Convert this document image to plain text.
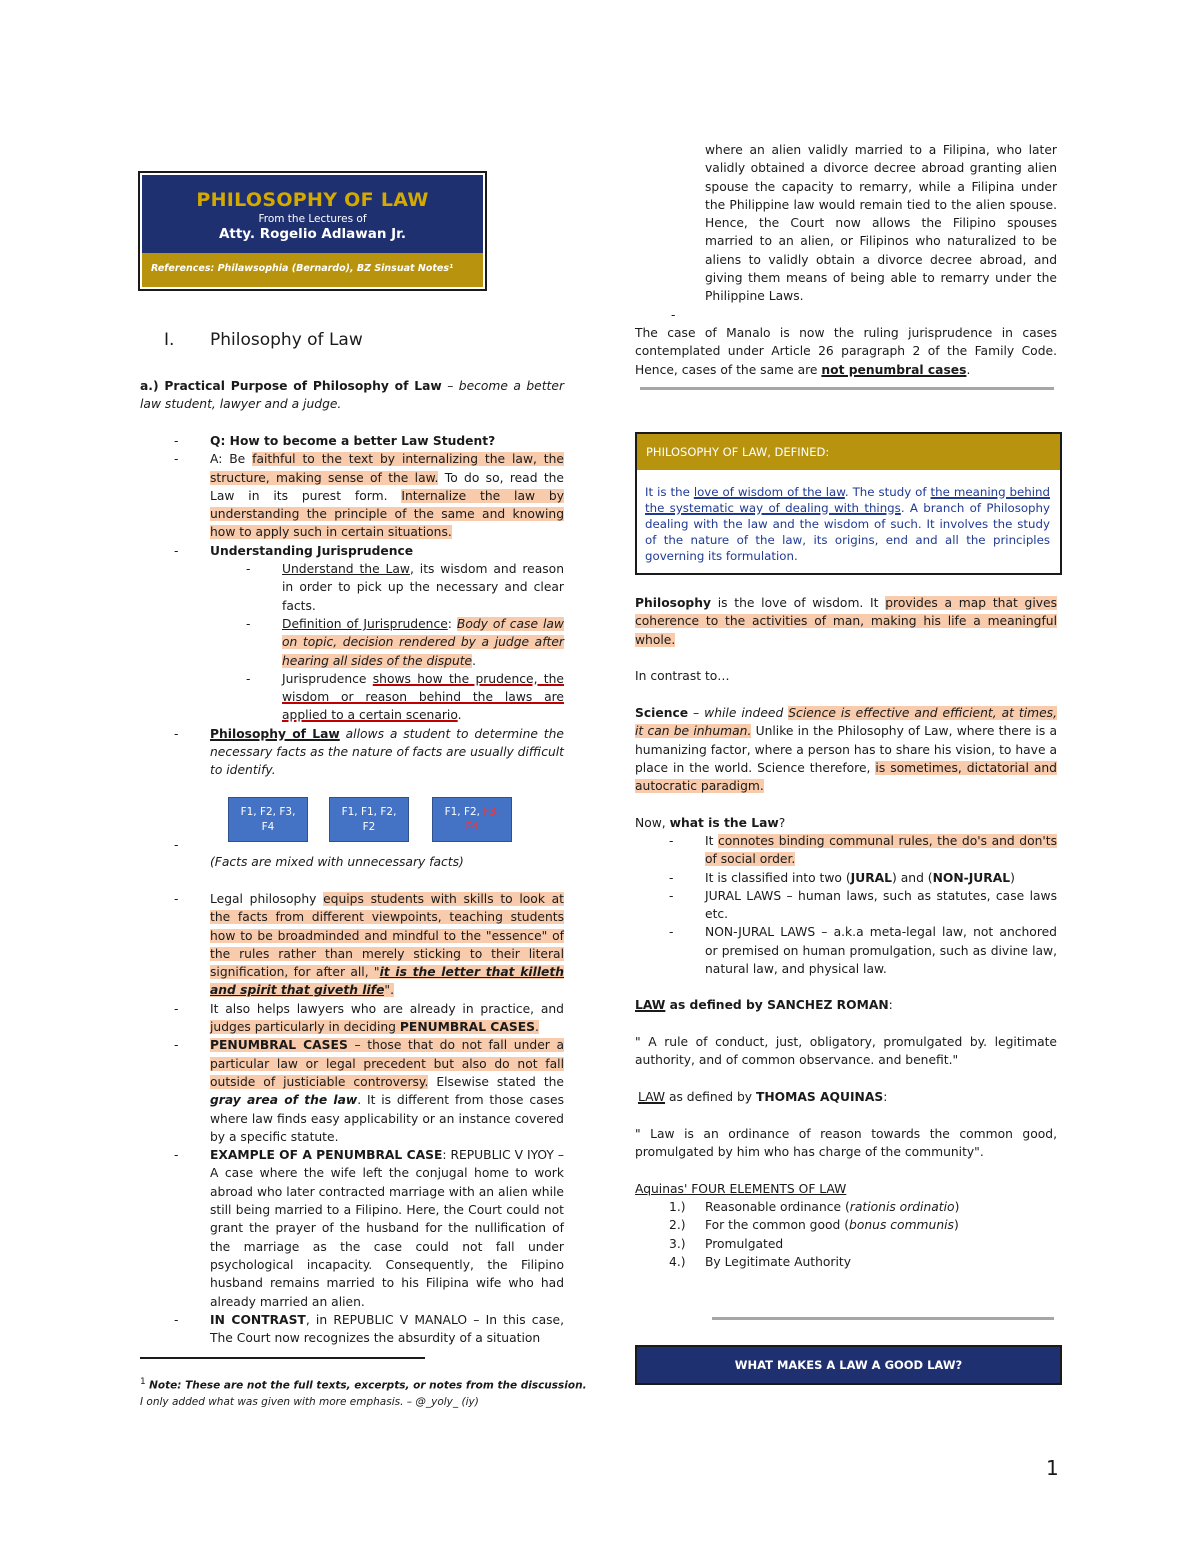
PHILOSOPHY OF LAW
From the Lectures of
Atty. Rogelio Adlawan Jr.
References: Philawsophia (Bernardo), BZ Sinsuat Notes¹
I. Philosophy of Law
a.) Practical Purpose of Philosophy of Law – become a better law student, lawyer and a judge.
-	Q: How to become a better Law Student?
-	A: Be faithful to the text by internalizing the law, the structure, making sense of the law. To do so, read the Law in its purest form. Internalize the law by understanding the principle of the same and knowing how to apply such in certain situations.
-	Understanding Jurisprudence
-	Understand the Law, its wisdom and reason in order to pick up the necessary and clear facts.
-	Definition of Jurisprudence: Body of case law on topic, decision rendered by a judge after hearing all sides of the dispute.
-	Jurisprudence shows how the prudence, the wisdom or reason behind the laws are applied to a certain scenario.
-	Philosophy of Law allows a student to determine the necessary facts as the nature of facts are usually difficult to identify.
F1, F2, F3,
F4
F1, F1, F2,
F2
F1, F2, F3,
F4
-
(Facts are mixed with unnecessary facts)
-	Legal philosophy equips students with skills to look at the facts from different viewpoints, teaching students how to be broadminded and mindful to the "essence" of the rules rather than merely sticking to their literal signification, for after all, "it is the letter that killeth and spirit that giveth life".
-	It also helps lawyers who are already in practice, and judges particularly in deciding PENUMBRAL CASES.
-	PENUMBRAL CASES – those that do not fall under a particular law or legal precedent but also do not fall outside of justiciable controversy. Elsewise stated the gray area of the law. It is different from those cases where law finds easy applicability or an instance covered by a specific statute.
-	EXAMPLE OF A PENUMBRAL CASE: REPUBLIC V IYOY – A case where the wife left the conjugal home to work abroad who later contracted marriage with an alien while still being married to a Filipino. Here, the Court could not grant the prayer of the husband for the nullification of the marriage as the case could not fall under psychological incapacity. Consequently, the Filipino husband remains married to his Filipina wife who had already married an alien.
-	IN CONTRAST, in REPUBLIC V MANALO – In this case, The Court now recognizes the absurdity of a situation
$^1$ Note: These are not the full texts, excerpts, or notes from the discussion.
I only added what was given with more emphasis. – @_yoly_ (iy)
where an alien validly married to a Filipina, who later validly obtained a divorce decree abroad granting alien spouse the capacity to remarry, while a Filipina under the Philippine law would remain tied to the alien spouse. Hence, the Court now allows the Filipino spouses married to an alien, or Filipinos who naturalized to be aliens to validly obtain a divorce decree abroad, and giving them means of being able to remarry under the Philippine Laws.
-
The case of Manalo is now the ruling jurisprudence in cases contemplated under Article 26 paragraph 2 of the Family Code. Hence, cases of the same are not penumbral cases.
PHILOSOPHY OF LAW, DEFINED:
It is the love of wisdom of the law. The study of the meaning behind the systematic way of dealing with things. A branch of Philosophy dealing with the law and the wisdom of such. It involves the study of the nature of the law, its origins, end and all the principles governing its formulation.
Philosophy is the love of wisdom. It provides a map that gives coherence to the activities of man, making his life a meaningful whole.
In contrast to…
Science – while indeed Science is effective and efficient, at times, it can be inhuman. Unlike in the Philosophy of Law, where there is a humanizing factor, where a person has to share his vision, to have a place in the world. Science therefore, is sometimes, dictatorial and autocratic paradigm.
Now, what is the Law?
-	It connotes binding communal rules, the do's and don'ts of social order.
-	It is classified into two (JURAL) and (NON-JURAL)
-	JURAL LAWS – human laws, such as statutes, case laws etc.
-	NON-JURAL LAWS – a.k.a meta-legal law, not anchored or premised on human promulgation, such as divine law, natural law, and physical law.
LAW as defined by SANCHEZ ROMAN:
" A rule of conduct, just, obligatory, promulgated by. legitimate authority, and of common observance. and benefit."
LAW as defined by THOMAS AQUINAS:
" Law is an ordinance of reason towards the common good, promulgated by him who has charge of the community".
Aquinas' FOUR ELEMENTS OF LAW
1.) Reasonable ordinance (rationis ordinatio)
2.) For the common good (bonus communis)
3.) Promulgated
4.) By Legitimate Authority
WHAT MAKES A LAW A GOOD LAW?
1
